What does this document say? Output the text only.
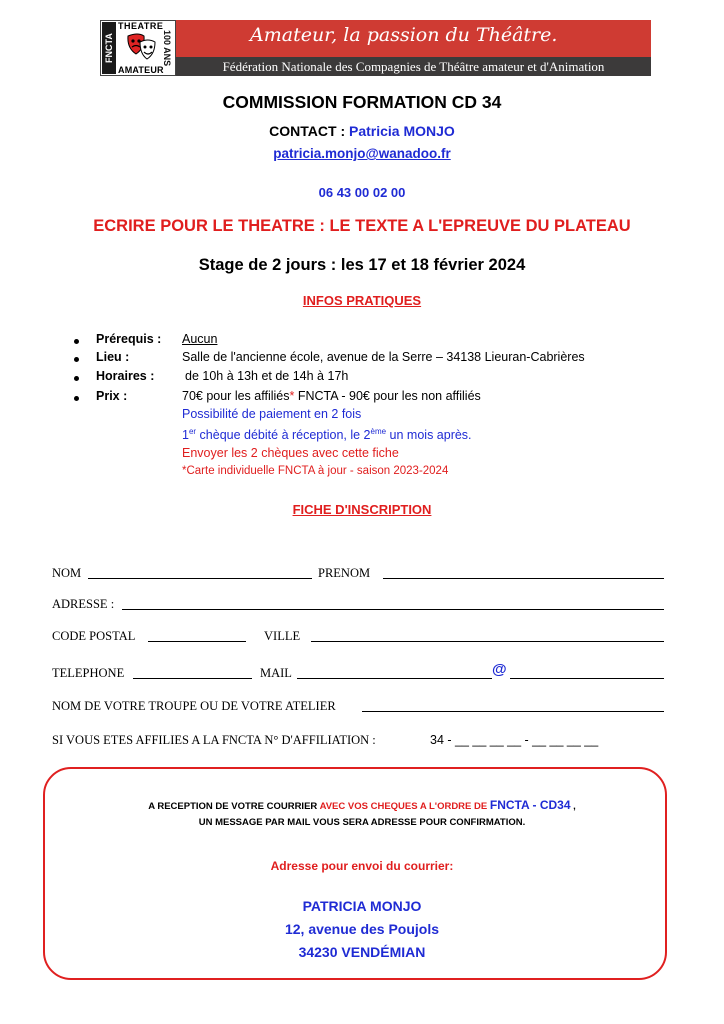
Amateur, la passion du Théâtre.
Fédération Nationale des Compagnies de Théâtre amateur et d'Animation
FNCTA
THEATRE
AMATEUR
100 ANS
COMMISSION FORMATION CD 34
CONTACT : Patricia MONJO
patricia.monjo@wanadoo.fr
06 43 00 02 00
ECRIRE POUR LE THEATRE : LE TEXTE A L'EPREUVE DU PLATEAU
Stage de 2 jours : les 17 et 18 février 2024
INFOS PRATIQUES
Prérequis : Aucun
Lieu :	Salle de l'ancienne école, avenue de la Serre – 34138 Lieuran-Cabrières
Horaires : de 10h à 13h et de 14h à 17h
Prix :	70€ pour les affiliés* FNCTA - 90€ pour les non affiliés
Possibilité de paiement en 2 fois
1er chèque débité à réception, le 2ème un mois après.
Envoyer les 2 chèques avec cette fiche
*Carte individuelle FNCTA à jour - saison 2023-2024
FICHE D'INSCRIPTION
NOM	PRENOM
ADRESSE :
CODE POSTAL	VILLE
TELEPHONE	MAIL	@
NOM DE VOTRE TROUPE OU DE VOTRE ATELIER
SI VOUS ETES AFFILIES A LA FNCTA N° D'AFFILIATION :	34 - __ __ __ __ - __ __ __ __
A RECEPTION DE VOTRE COURRIER AVEC VOS CHEQUES A L'ORDRE DE FNCTA - CD34 ,
UN MESSAGE PAR MAIL VOUS SERA ADRESSE POUR CONFIRMATION.
Adresse pour envoi du courrier:
PATRICIA MONJO
12, avenue des Poujols
34230 VENDÉMIAN
